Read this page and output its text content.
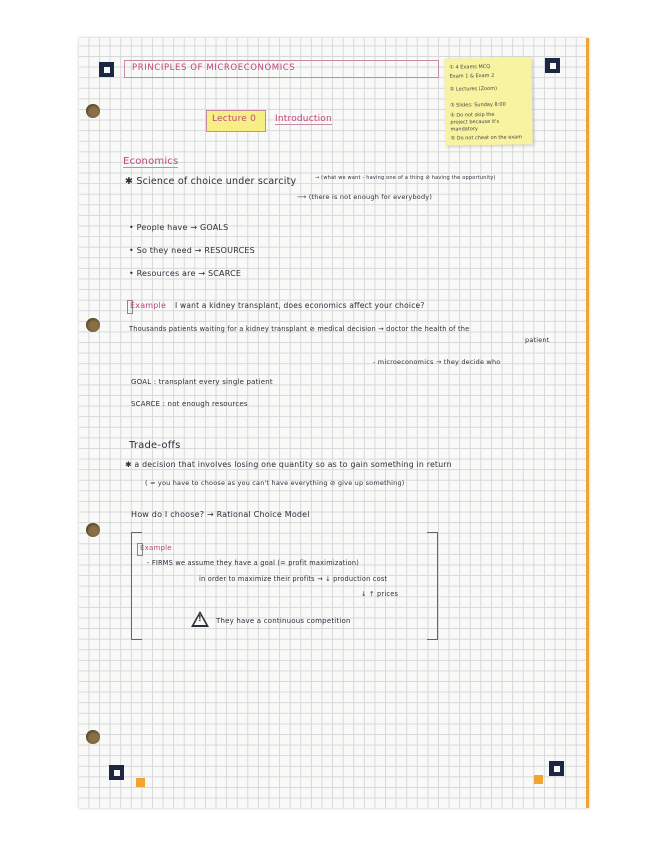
PRINCIPLES OF MICROECONOMICS	① 4 Exams MCQ
Exam 1 & Exam 2
② Lectures (Zoom)
③ Slides: Sunday 8:00
④ Do not skip the
project because it's
mandatory
⑤ Do not cheat on the exam
Lecture 0 Introduction
Economics
✱ Science of choice under scarcity	→ (what we want - having one of a thing ⊘ having the opportunity)
⟶ (there is not enough for everybody)
• People have → GOALS
• So they need → RESOURCES
• Resources are → SCARCE
Example I want a kidney transplant, does economics affect your choice?
Thousands patients waiting for a kidney transplant ⊘ medical decision → doctor the health of the
patient
- microeconomics → they decide who
GOAL : transplant every single patient
SCARCE : not enough resources
Trade-offs
✱ a decision that involves losing one quantity so as to gain something in return
( = you have to choose as you can't have everything ⊘ give up something)
How do I choose? → Rational Choice Model
Example
- FIRMS we assume they have a goal (= profit maximization)
in order to maximize their profits → ↓ production cost
↓ ↑ prices
! They have a continuous competition
